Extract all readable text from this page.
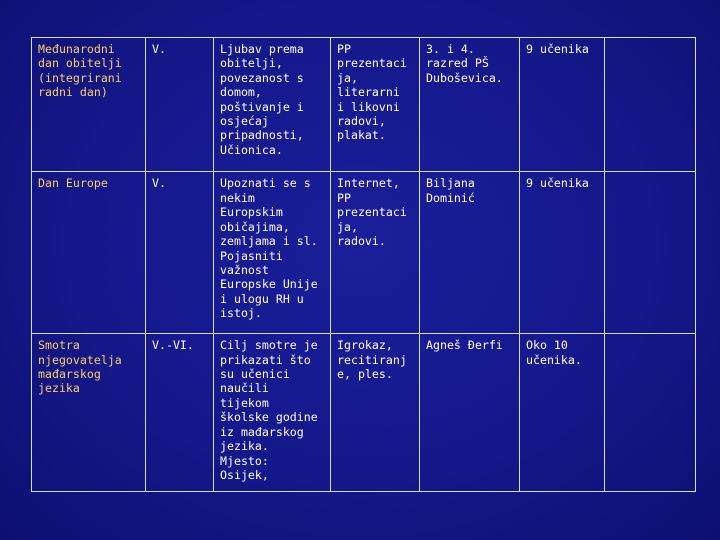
Međunarodni dan obitelji (integrirani radni dan)	V.	Ljubav prema obitelji, povezanost s domom, poštivanje i osjećaj pripadnosti, Učionica.	PP prezentaci ja, literarni i likovni radovi, plakat.	3. i 4. razred PŠ Duboševica.	9 učenika	
Dan Europe	V.	Upoznati se s nekim Europskim običajima, zemljama i sl. Pojasniti važnost Europske Unije i ulogu RH u istoj.	Internet, PP prezentaci ja, radovi.	Biljana Dominić	9 učenika	
Smotra njegovatelja mađarskog jezika	V.-VI.	Cilj smotre je prikazati što su učenici naučili tijekom školske godine iz mađarskog jezika. Mjesto: Osijek,	Igrokaz, recitiranje, ples.	Agneš Đerfi	Oko 10 učenika.	
